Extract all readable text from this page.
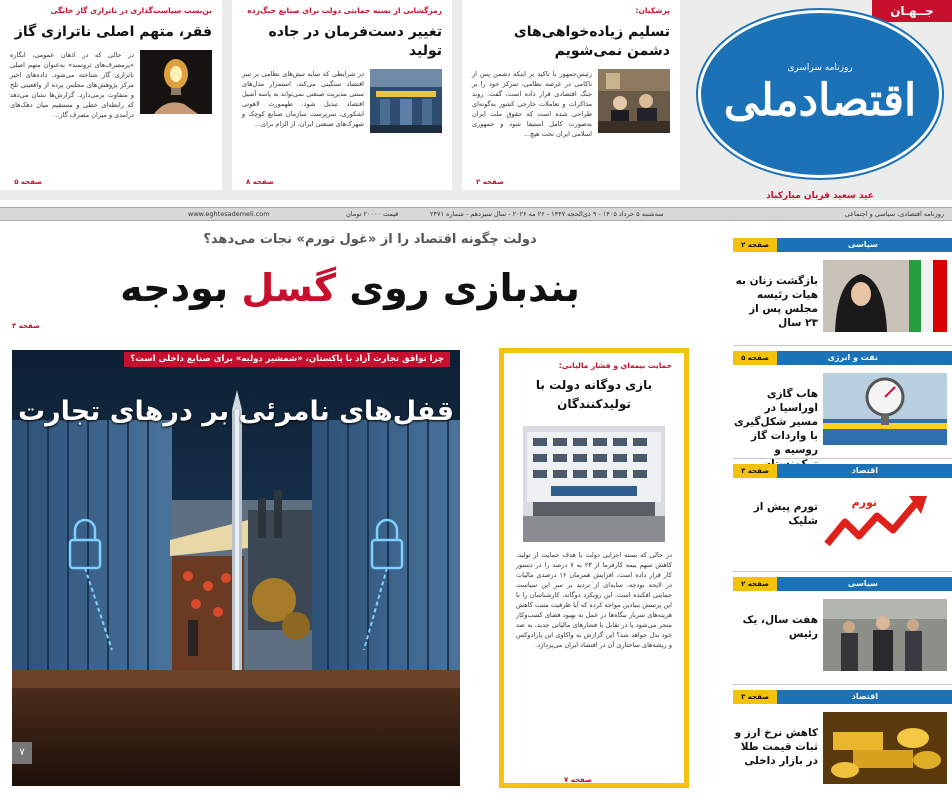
جــهـان
روزنامه سراسری
اقتصادملی
عید سعید قربان مبارکباد
پزشکیان:
تسلیم زیاده‌خواهی‌های دشمن نمی‌شویم
رئیس‌جمهور با تاکید بر اینکه دشمن پس از ناکامی در عرصه نظامی، تمرکز خود را بر جنگ اقتصادی قرار داده است، گفت: روند مذاکرات و تعاملات خارجی کشور به‌گونه‌ای طراحی شده است که حقوق ملت ایران به‌صورت کامل استیفا شود و جمهوری اسلامی ایران تحت هیچ...
صفحه ۲
رمزگشایی از بسته حمایتی دولت برای صنایع جنگ‌زده
تغییر دست‌فرمان در جاده تولید
در شرایطی که سایه تنش‌های نظامی بر سر اقتصاد سنگینی می‌کند، استمرار مدل‌های سنتی مدیریت صنعتی نمی‌تواند به پاسه آشیل اقتصاد تبدیل شود. طهمورث لاهوتی اشکوری، سرپرست سازمان صنایع کوچک و شهرک‌های صنعتی ایران، از الزام برای...
صفحه ۸
بن‌بست سیاست‌گذاری در ناترازی گاز خانگی
فقر، متهم اصلی ناترازی گاز
در حالی که در اذهان عمومی، انگاره «پرمصرف‌های ثروتمند» به‌عنوان متهم اصلی ناترازی گاز شناخته می‌شود، داده‌های اخیر مرکز پژوهش‌های مجلس پرده از واقعیتی تلخ و متفاوت برمی‌دارد. گزارش‌ها نشان می‌دهد که رابطه‌ای خطی و مستقیم میان دهک‌های درآمدی و میزان مصرف گاز...
صفحه ۵
www.eghtesademeli.com	قیمت ۲۰۰۰۰ تومان	سه‌شنبه ۵ خرداد ۱۴۰۵ - ۹ ذی‌الحجه ۱۴۴۷ - ۲۶ مه ۲۰۲۶ - سال سیزدهم - شماره ۲۴۷۱	روزنامه اقتصادی، سیاسی و اجتماعی
دولت چگونه اقتصاد را از «غول تورم» نجات می‌دهد؟
بندبازی روی گسل بودجه
صفحه ۳
چرا توافق تجارت آزاد با پاکستان، «شمشیر دولبه» برای صنایع داخلی است؟
قفل‌های نامرئی بر درهای تجارت
۷
حمایت بیمه‌ای و فشار مالیاتی:
بازی دوگانه دولت با تولیدکنندگان
در حالی که بسته اجرایی دولت با هدف حمایت از تولید، کاهش سهم بیمه کارفرما از ۲۳ به ۷ درصد را در دستور کار قرار داده است، افزایش همزمان ۱۶ درصدی مالیات در لایحه بودجه، سایه‌ای از تردید بر سر این سیاست حمایتی افکنده است. این رویکرد دوگانه، کارشناسان را با این پرسش بنیادین مواجه کرده که آیا ظرفیت مثبت کاهش هزینه‌های سربار بنگاه‌ها در عمل به بهبود فضای کسب‌وکار منجر می‌شود یا در تقابل با فشارهای مالیاتی جدید، به ضد خود بدل خواهد شد؟ این گزارش به واکاوی این پارادوکس و ریشه‌های ساختاری آن در اقتصاد ایران می‌پردازد.
صفحه ۷
سیاسی
صفحه ۲
بازگشت زنان به هیات رئیسه مجلس پس از ۲۳ سال
نفت و انرژی
صفحه ۵
هاب گازی اوراسیا در مسیر شکل‌گیری با واردات گاز روسیه و
اقتصاد
صفحه ۳
تورم
تورم پیش از شلیک
سیاسی
صفحه ۲
هفت سال، یک رئیس
اقتصاد
صفحه ۳
کاهش نرخ ارز و ثبات قیمت طلا در بازار داخلی
